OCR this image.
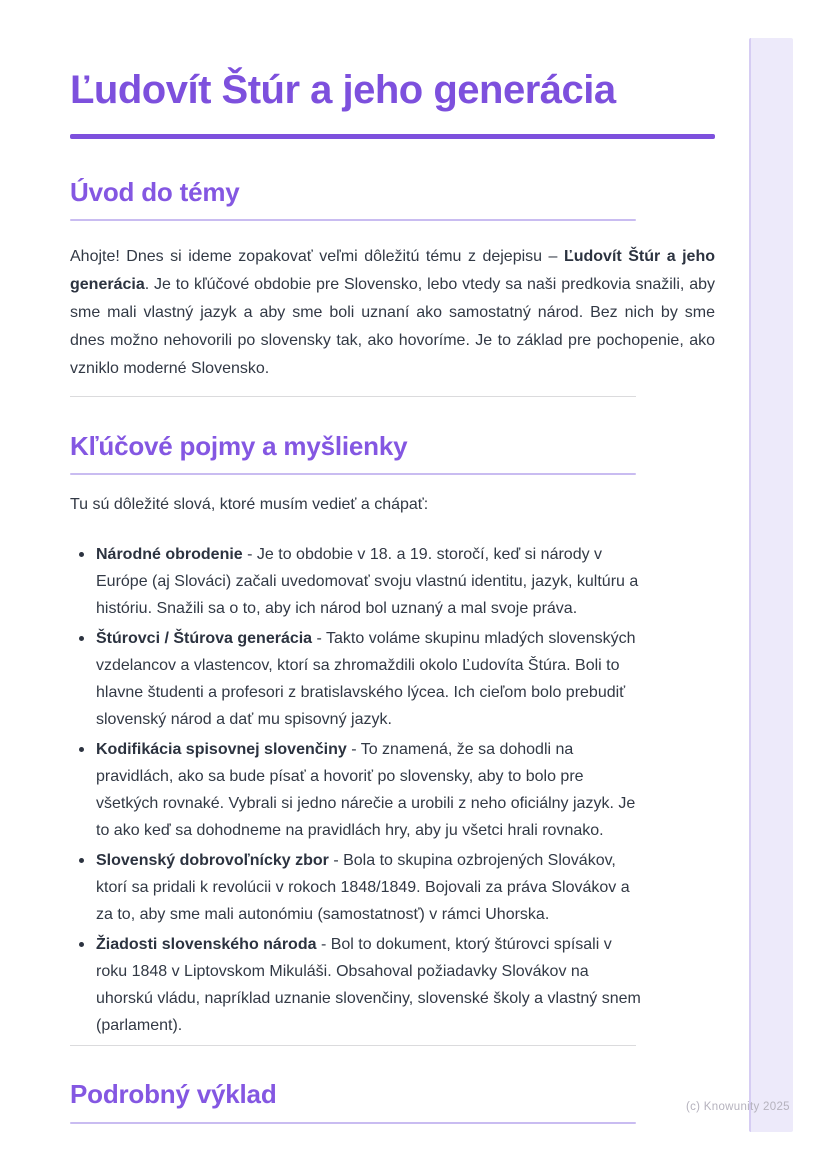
(c) Knowunity 2025
Ľudovít Štúr a jeho generácia
Úvod do témy

Ahojte! Dnes si ideme zopakovať veľmi dôležitú tému z dejepisu – Ľudovít Štúr a jeho generácia. Je to kľúčové obdobie pre Slovensko, lebo vtedy sa naši predkovia snažili, aby sme mali vlastný jazyk a aby sme boli uznaní ako samostatný národ. Bez nich by sme dnes možno nehovorili po slovensky tak, ako hovoríme. Je to základ pre pochopenie, ako vzniklo moderné Slovensko.

Kľúčové pojmy a myšlienky

Tu sú dôležité slová, ktoré musím vedieť a chápať:

Národné obrodenie - Je to obdobie v 18. a 19. storočí, keď si národy v Európe (aj Slováci) začali uvedomovať svoju vlastnú identitu, jazyk, kultúru a históriu. Snažili sa o to, aby ich národ bol uznaný a mal svoje práva.

Štúrovci / Štúrova generácia - Takto voláme skupinu mladých slovenských vzdelancov a vlastencov, ktorí sa zhromaždili okolo Ľudovíta Štúra. Boli to hlavne študenti a profesori z bratislavského lýcea. Ich cieľom bolo prebudiť slovenský národ a dať mu spisovný jazyk.

Kodifikácia spisovnej slovenčiny - To znamená, že sa dohodli na pravidlách, ako sa bude písať a hovoriť po slovensky, aby to bolo pre všetkých rovnaké. Vybrali si jedno nárečie a urobili z neho oficiálny jazyk. Je to ako keď sa dohodneme na pravidlách hry, aby ju všetci hrali rovnako.

Slovenský dobrovoľnícky zbor - Bola to skupina ozbrojených Slovákov, ktorí sa pridali k revolúcii v rokoch 1848/1849. Bojovali za práva Slovákov a za to, aby sme mali autonómiu (samostatnosť) v rámci Uhorska.

Žiadosti slovenského národa - Bol to dokument, ktorý štúrovci spísali v roku 1848 v Liptovskom Mikuláši. Obsahoval požiadavky Slovákov na uhorskú vládu, napríklad uznanie slovenčiny, slovenské školy a vlastný snem (parlament).

Podrobný výklad
